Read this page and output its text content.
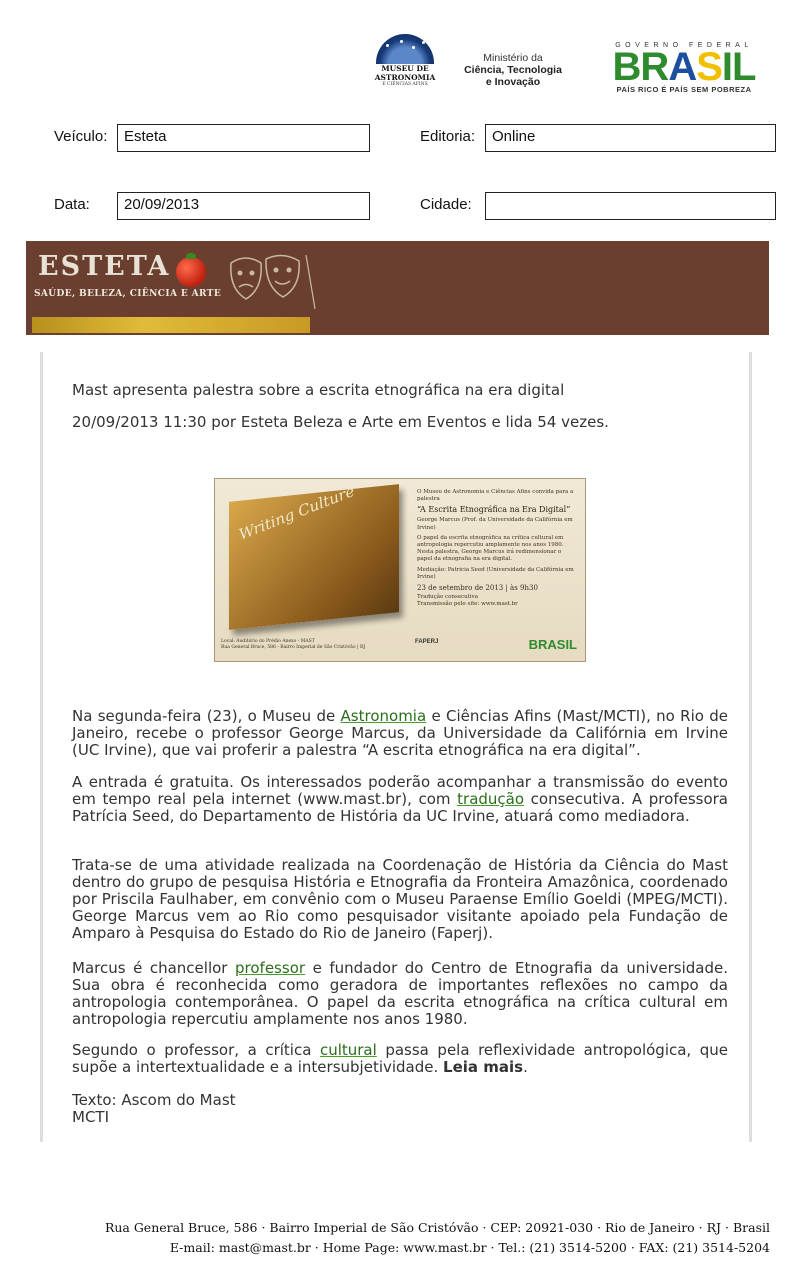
MUSEU DE
ASTRONOMIA
E CIÊNCIAS AFINS
Ministério da
Ciência, Tecnologia
e Inovação
GOVERNO FEDERAL
BRASIL
PAÍS RICO É PAÍS SEM POBREZA
Veículo:	Esteta	Editoria:	Online
Data:	20/09/2013	Cidade:
ESTETA
SAÚDE, BELEZA, CIÊNCIA E ARTE
Mast apresenta palestra sobre a escrita etnográfica na era digital
20/09/2013 11:30 por Esteta Beleza e Arte em Eventos e lida 54 vezes.
Writing Culture	O Museu de Astronomia e Ciências Afins convida para a palestra
“A Escrita Etnográfica na Era Digital”
George Marcus (Prof. da Universidade da Califórnia em Irvine)
O papel da escrita etnográfica na crítica cultural em antropologia repercutiu amplamente nos anos 1980. Nesta palestra, George Marcus irá redimensionar o papel da etnografia na era digital.
Mediação: Patricia Seed (Universidade da Califórnia em Irvine)
23 de setembro de 2013 | às 9h30
Tradução consecutiva
Transmissão pelo site: www.mast.br
Local: Auditório do Prédio Anexo - MAST
Rua General Bruce, 586 - Bairro Imperial de São Cristóvão | RJ
FAPERJ	BRASIL
Na segunda-feira (23), o Museu de Astronomia e Ciências Afins (Mast/MCTI), no Rio de Janeiro, recebe o professor George Marcus, da Universidade da Califórnia em Irvine (UC Irvine), que vai proferir a palestra “A escrita etnográfica na era digital”.
A entrada é gratuita. Os interessados poderão acompanhar a transmissão do evento em tempo real pela internet (www.mast.br), com tradução consecutiva. A professora Patrícia Seed, do Departamento de História da UC Irvine, atuará como mediadora.
Trata-se de uma atividade realizada na Coordenação de História da Ciência do Mast dentro do grupo de pesquisa História e Etnografia da Fronteira Amazônica, coordenado por Priscila Faulhaber, em convênio com o Museu Paraense Emílio Goeldi (MPEG/MCTI). George Marcus vem ao Rio como pesquisador visitante apoiado pela Fundação de Amparo à Pesquisa do Estado do Rio de Janeiro (Faperj).
Marcus é chancellor professor e fundador do Centro de Etnografia da universidade. Sua obra é reconhecida como geradora de importantes reflexões no campo da antropologia contemporânea. O papel da escrita etnográfica na crítica cultural em antropologia repercutiu amplamente nos anos 1980.
Segundo o professor, a crítica cultural passa pela reflexividade antropológica, que supõe a intertextualidade e a intersubjetividade. Leia mais.
Texto: Ascom do Mast
MCTI
Rua General Bruce, 586 · Bairro Imperial de São Cristóvão · CEP: 20921-030 · Rio de Janeiro · RJ · Brasil
E-mail: mast@mast.br · Home Page: www.mast.br · Tel.: (21) 3514-5200 · FAX: (21) 3514-5204
